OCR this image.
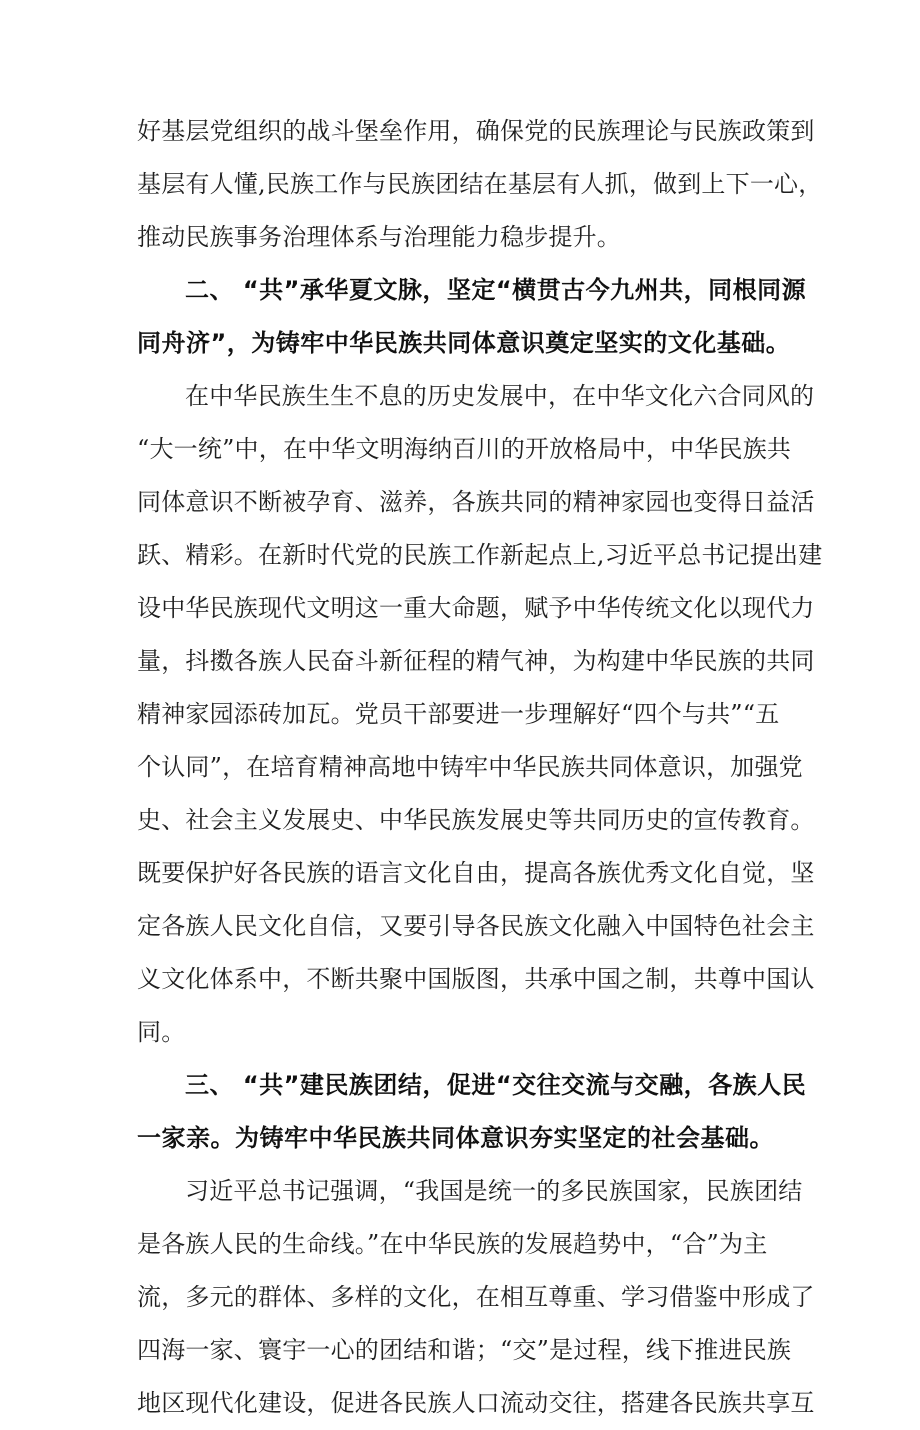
好基层党组织的战斗堡垒作用，确保党的民族理论与民族政策到
基层有人懂,民族工作与民族团结在基层有人抓，做到上下一心，
推动民族事务治理体系与治理能力稳步提升。
二、 “共”承华夏文脉，坚定“横贯古今九州共，同根同源
同舟济”，为铸牢中华民族共同体意识奠定坚实的文化基础。
在中华民族生生不息的历史发展中，在中华文化六合同风的
“大一统”中，在中华文明海纳百川的开放格局中，中华民族共
同体意识不断被孕育、滋养，各族共同的精神家园也变得日益活
跃、精彩。在新时代党的民族工作新起点上,习近平总书记提出建
设中华民族现代文明这一重大命题，赋予中华传统文化以现代力
量，抖擞各族人民奋斗新征程的精气神，为构建中华民族的共同
精神家园添砖加瓦。党员干部要进一步理解好“四个与共”“五
个认同”，在培育精神高地中铸牢中华民族共同体意识，加强党
史、社会主义发展史、中华民族发展史等共同历史的宣传教育。
既要保护好各民族的语言文化自由，提高各族优秀文化自觉，坚
定各族人民文化自信，又要引导各民族文化融入中国特色社会主
义文化体系中，不断共聚中国版图，共承中国之制，共尊中国认
同。
三、 “共”建民族团结，促进“交往交流与交融，各族人民
一家亲。为铸牢中华民族共同体意识夯实坚定的社会基础。
习近平总书记强调，“我国是统一的多民族国家，民族团结
是各族人民的生命线。”在中华民族的发展趋势中，“合”为主
流，多元的群体、多样的文化，在相互尊重、学习借鉴中形成了
四海一家、寰宇一心的团结和谐；“交”是过程，线下推进民族
地区现代化建设，促进各民族人口流动交往，搭建各民族共享互
